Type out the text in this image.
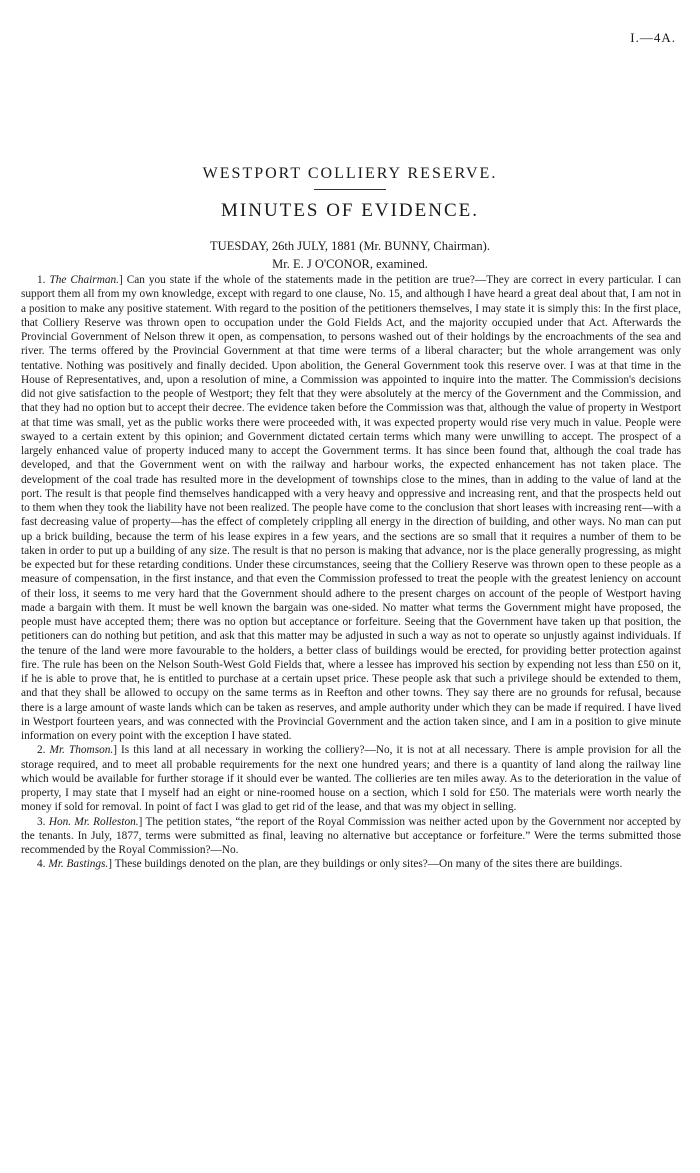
I.—4A.
WESTPORT COLLIERY RESERVE.
MINUTES OF EVIDENCE.
TUESDAY, 26th JULY, 1881 (Mr. BUNNY, Chairman).
Mr. E. J O'CONOR, examined.

1. The Chairman.] Can you state if the whole of the statements made in the petition are true?—They are correct in every particular. I can support them all from my own knowledge, except with regard to one clause, No. 15, and although I have heard a great deal about that, I am not in a position to make any positive statement. With regard to the position of the petitioners themselves, I may state it is simply this: In the first place, that Colliery Reserve was thrown open to occupation under the Gold Fields Act, and the majority occupied under that Act. Afterwards the Provincial Government of Nelson threw it open, as compensation, to persons washed out of their holdings by the encroachments of the sea and river. The terms offered by the Provincial Government at that time were terms of a liberal character; but the whole arrangement was only tentative. Nothing was positively and finally decided. Upon abolition, the General Government took this reserve over. I was at that time in the House of Representatives, and, upon a resolution of mine, a Commission was appointed to inquire into the matter. The Commission's decisions did not give satisfaction to the people of Westport; they felt that they were absolutely at the mercy of the Government and the Commission, and that they had no option but to accept their decree. The evidence taken before the Commission was that, although the value of property in Westport at that time was small, yet as the public works there were proceeded with, it was expected property would rise very much in value. People were swayed to a certain extent by this opinion; and Government dictated certain terms which many were unwilling to accept. The prospect of a largely enhanced value of property induced many to accept the Government terms. It has since been found that, although the coal trade has developed, and that the Government went on with the railway and harbour works, the expected enhancement has not taken place. The development of the coal trade has resulted more in the development of townships close to the mines, than in adding to the value of land at the port. The result is that people find themselves handicapped with a very heavy and oppressive and increasing rent, and that the prospects held out to them when they took the liability have not been realized. The people have come to the conclusion that short leases with increasing rent—with a fast decreasing value of property—has the effect of completely crippling all energy in the direction of building, and other ways. No man can put up a brick building, because the term of his lease expires in a few years, and the sections are so small that it requires a number of them to be taken in order to put up a building of any size. The result is that no person is making that advance, nor is the place generally progressing, as might be expected but for these retarding conditions. Under these circumstances, seeing that the Colliery Reserve was thrown open to these people as a measure of compensation, in the first instance, and that even the Commission professed to treat the people with the greatest leniency on account of their loss, it seems to me very hard that the Government should adhere to the present charges on account of the people of Westport having made a bargain with them. It must be well known the bargain was one-sided. No matter what terms the Government might have proposed, the people must have accepted them; there was no option but acceptance or forfeiture. Seeing that the Government have taken up that position, the petitioners can do nothing but petition, and ask that this matter may be adjusted in such a way as not to operate so unjustly against individuals. If the tenure of the land were more favourable to the holders, a better class of buildings would be erected, for providing better protection against fire. The rule has been on the Nelson South-West Gold Fields that, where a lessee has improved his section by expending not less than £50 on it, if he is able to prove that, he is entitled to purchase at a certain upset price. These people ask that such a privilege should be extended to them, and that they shall be allowed to occupy on the same terms as in Reefton and other towns. They say there are no grounds for refusal, because there is a large amount of waste lands which can be taken as reserves, and ample authority under which they can be made if required. I have lived in Westport fourteen years, and was connected with the Provincial Government and the action taken since, and I am in a position to give minute information on every point with the exception I have stated.

2. Mr. Thomson.] Is this land at all necessary in working the colliery?—No, it is not at all necessary. There is ample provision for all the storage required, and to meet all probable requirements for the next one hundred years; and there is a quantity of land along the railway line which would be available for further storage if it should ever be wanted. The collieries are ten miles away. As to the deterioration in the value of property, I may state that I myself had an eight or nine-roomed house on a section, which I sold for £50. The materials were worth nearly the money if sold for removal. In point of fact I was glad to get rid of the lease, and that was my object in selling.

3. Hon. Mr. Rolleston.] The petition states, “the report of the Royal Commission was neither acted upon by the Government nor accepted by the tenants. In July, 1877, terms were submitted as final, leaving no alternative but acceptance or forfeiture.” Were the terms submitted those recommended by the Royal Commission?—No.

4. Mr. Bastings.] These buildings denoted on the plan, are they buildings or only sites?—On many of the sites there are buildings.
